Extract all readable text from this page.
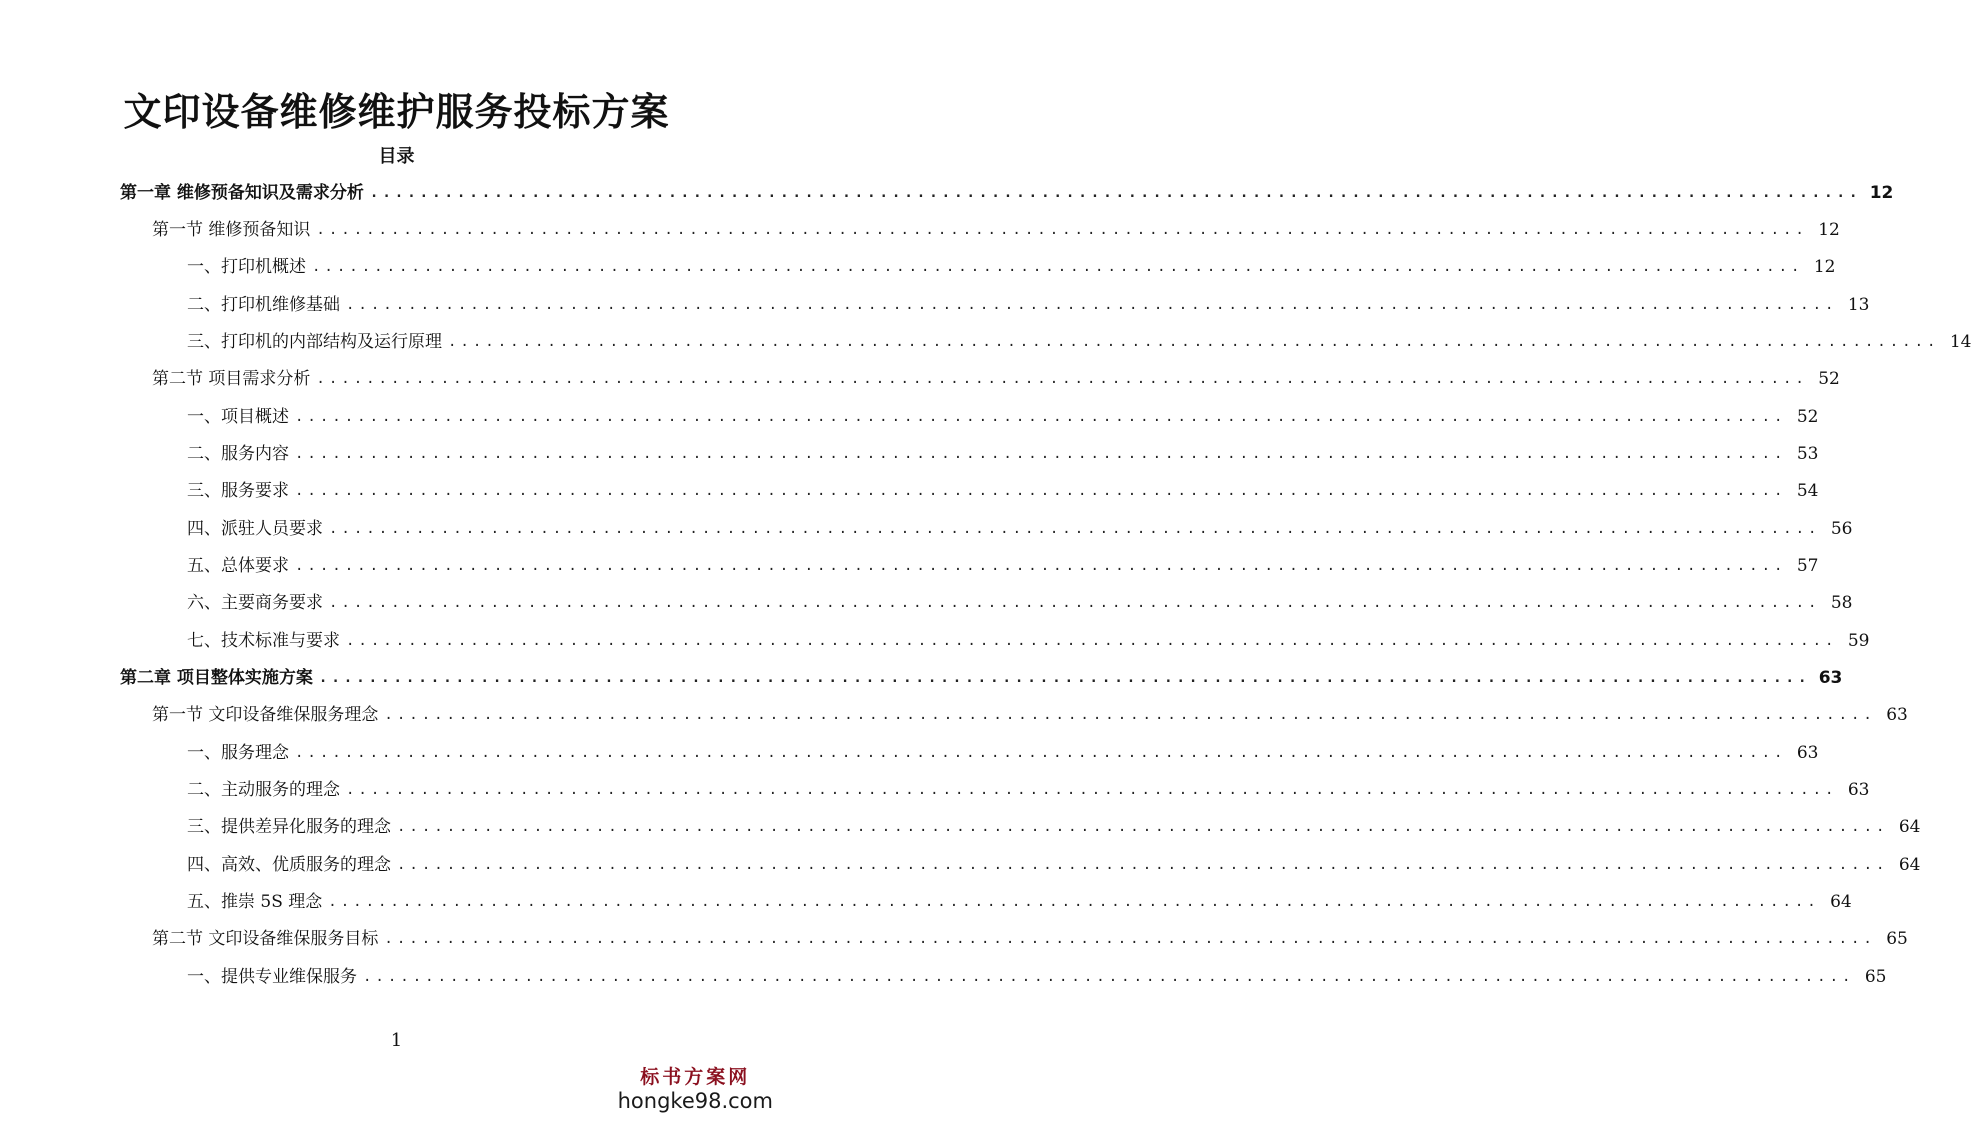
文印设备维修维护服务投标方案
目录
第一章 维修预备知识及需求分析 ........................................................................................................................ 12
第一节 维修预备知识 ........................................................................................................................ 12
一、打印机概述 ........................................................................................................................ 12
二、打印机维修基础 ........................................................................................................................ 13
三、打印机的内部结构及运行原理 ........................................................................................................................ 14
第二节 项目需求分析 ........................................................................................................................ 52
一、项目概述 ........................................................................................................................ 52
二、服务内容 ........................................................................................................................ 53
三、服务要求 ........................................................................................................................ 54
四、派驻人员要求 ........................................................................................................................ 56
五、总体要求 ........................................................................................................................ 57
六、主要商务要求 ........................................................................................................................ 58
七、技术标准与要求 ........................................................................................................................ 59
第二章 项目整体实施方案 ........................................................................................................................ 63
第一节 文印设备维保服务理念 ........................................................................................................................ 63
一、服务理念 ........................................................................................................................ 63
二、主动服务的理念 ........................................................................................................................ 63
三、提供差异化服务的理念 ........................................................................................................................ 64
四、高效、优质服务的理念 ........................................................................................................................ 64
五、推崇 5S 理念 ........................................................................................................................ 64
第二节 文印设备维保服务目标 ........................................................................................................................ 65
一、提供专业维保服务 ........................................................................................................................ 65
1
标书方案网
hongke98.com
